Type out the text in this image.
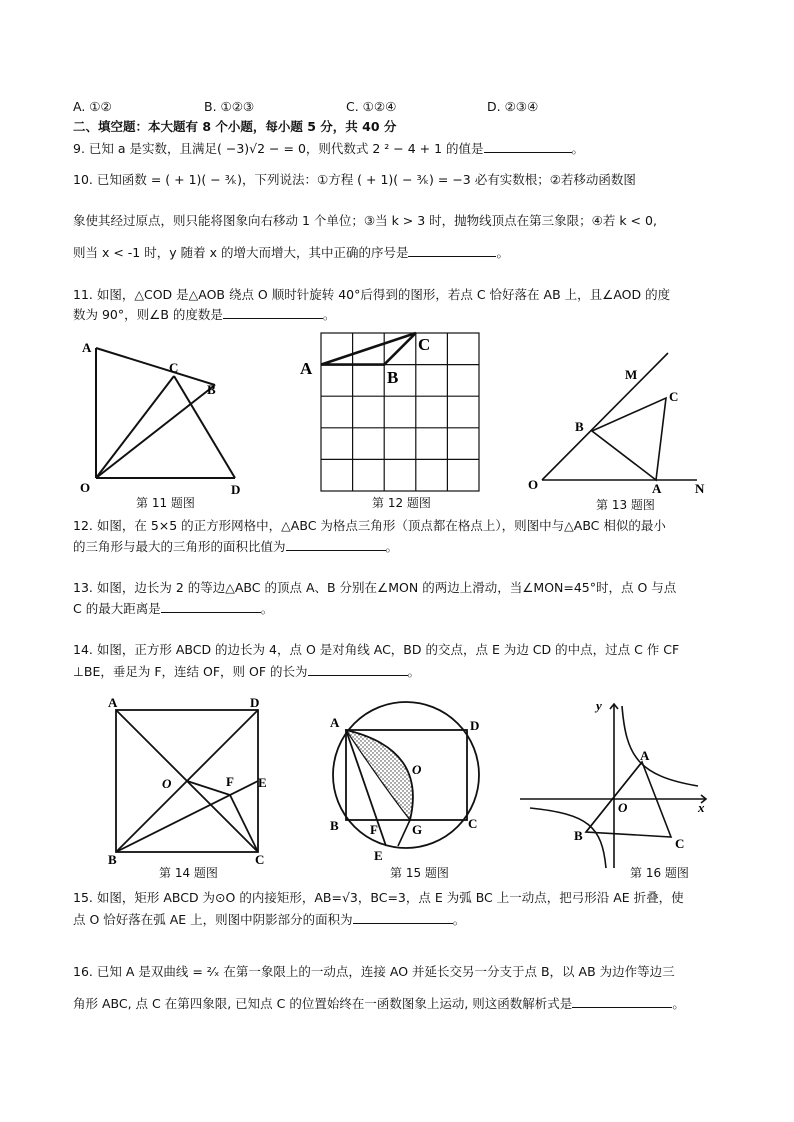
A. ①②	B. ①②③	C. ①②④	D. ②③④
二、填空题：本大题有 8 个小题，每小题 5 分，共 40 分
9. 已知 a 是实数，且满足( −3)√2 − = 0，则代数式 2 ² − 4 + 1 的值是	。
10. 已知函数 = ( + 1)( − ³⁄ₖ)，下列说法：①方程 ( + 1)( − ³⁄ₖ) = −3 必有实数根；②若移动函数图
象使其经过原点，则只能将图象向右移动 1 个单位；③当 k > 3 时，抛物线顶点在第三象限；④若 k < 0,
则当 x < -1 时，y 随着 x 的增大而增大，其中正确的序号是	。
11. 如图，△COD 是△AOB 绕点 O 顺时针旋转 40°后得到的图形，若点 C 恰好落在 AB 上，且∠AOD 的度
数为 90°，则∠B 的度数是	。
A
C
B
O	D
第 11 题图
A	B
C
第 12 题图
M
C
B
O	A	N
第 13 题图
12. 如图，在 5×5 的正方形网格中，△ABC 为格点三角形（顶点都在格点上），则图中与△ABC 相似的最小
的三角形与最大的三角形的面积比值为	。
13. 如图，边长为 2 的等边△ABC 的顶点 A、B 分别在∠MON 的两边上滑动，当∠MON=45°时，点 O 与点
C 的最大距离是	。
14. 如图，正方形 ABCD 的边长为 4，点 O 是对角线 AC，BD 的交点，点 E 为边 CD 的中点，过点 C 作 CF
⊥BE，垂足为 F，连结 OF，则 OF 的长为	。
A	D
O	F E
B	C
第 14 题图
A	D
O
B F	G	C
E
第 15 题图
y
A
O	x
B
C
第 16 题图
15. 如图，矩形 ABCD 为⊙O 的内接矩形，AB=√3，BC=3，点 E 为弧 BC 上一动点，把弓形沿 AE 折叠，使
点 O 恰好落在弧 AE 上，则图中阴影部分的面积为	。
16. 已知 A 是双曲线 = ²⁄ₓ 在第一象限上的一动点，连接 AO 并延长交另一分支于点 B，以 AB 为边作等边三
角形 ABC, 点 C 在第四象限, 已知点 C 的位置始终在一函数图象上运动, 则这函数解析式是	。
